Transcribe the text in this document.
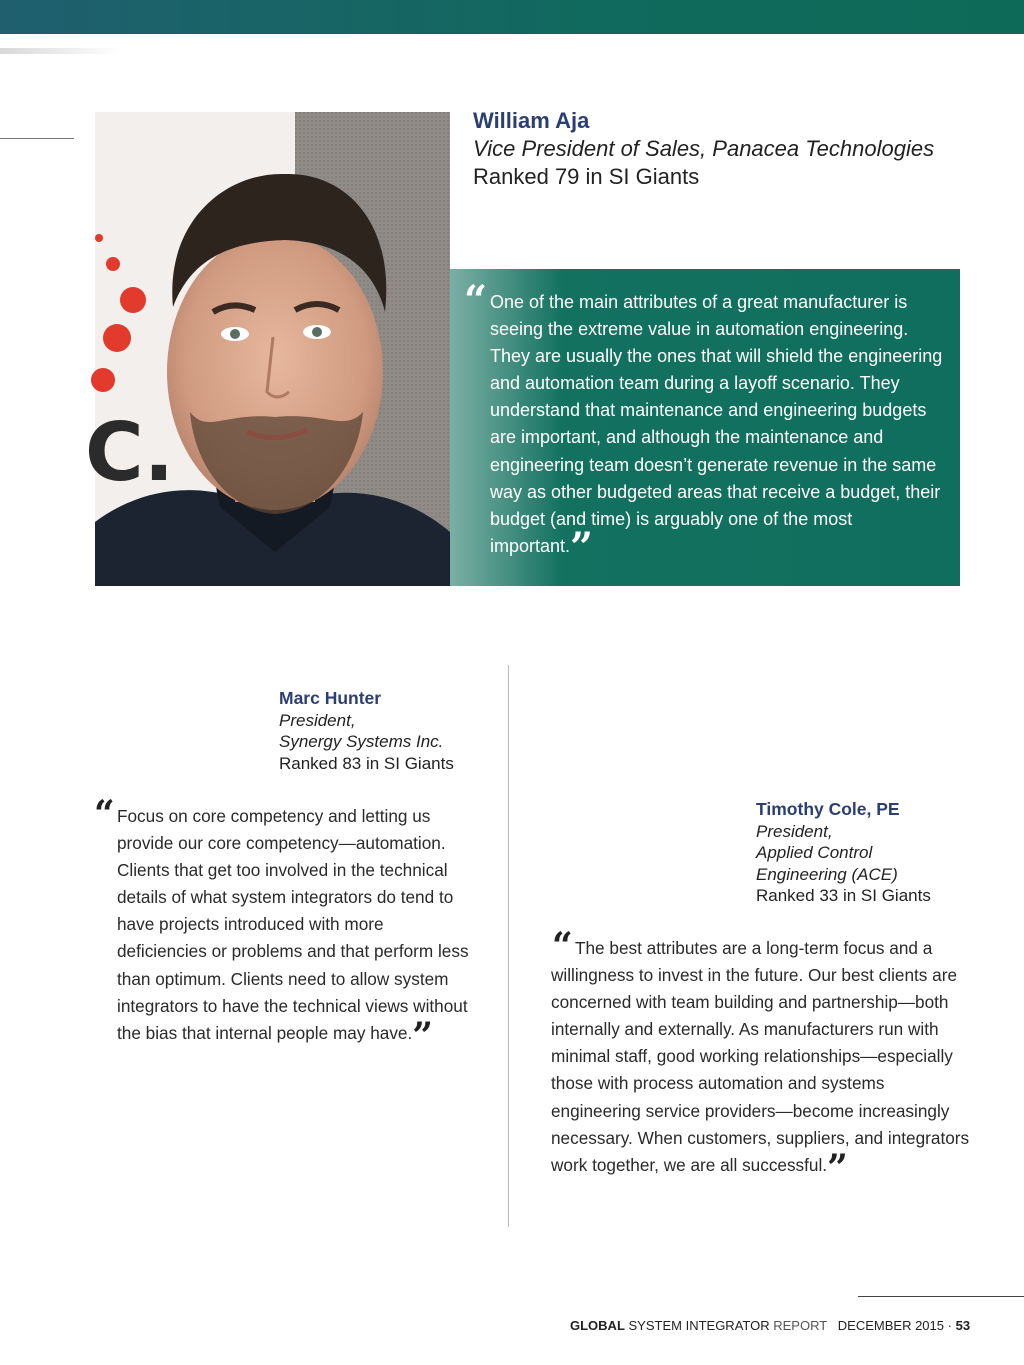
C.
William Aja
Vice President of Sales, Panacea Technologies
Ranked 79 in SI Giants
“ One of the main attributes of a great manufacturer is seeing the extreme value in automation engineering. They are usually the ones that will shield the engineering and automation team during a layoff scenario. They understand that maintenance and engineering budgets are important, and although the maintenance and engineering team doesn’t generate revenue in the same way as other budgeted areas that receive a budget, their budget (and time) is arguably one of the most important.”
Marc Hunter
President,
Synergy Systems Inc.
Ranked 83 in SI Giants
“ Focus on core competency and letting us provide our core competency—automation. Clients that get too involved in the technical details of what system integrators do tend to have projects introduced with more deficiencies or problems and that perform less than optimum. Clients need to allow system integrators to have the technical views without the bias that internal people may have.”
Timothy Cole, PE
President,
Applied Control
Engineering (ACE)
Ranked 33 in SI Giants
“ The best attributes are a long-term focus and a willingness to invest in the future. Our best clients are concerned with team building and partnership—both internally and externally. As manufacturers run with minimal staff, good working relationships—especially those with process automation and systems engineering service providers—become increasingly necessary. When customers, suppliers, and integrators work together, we are all successful.”
GLOBAL SYSTEM INTEGRATOR REPORT DECEMBER 2015 · 53
